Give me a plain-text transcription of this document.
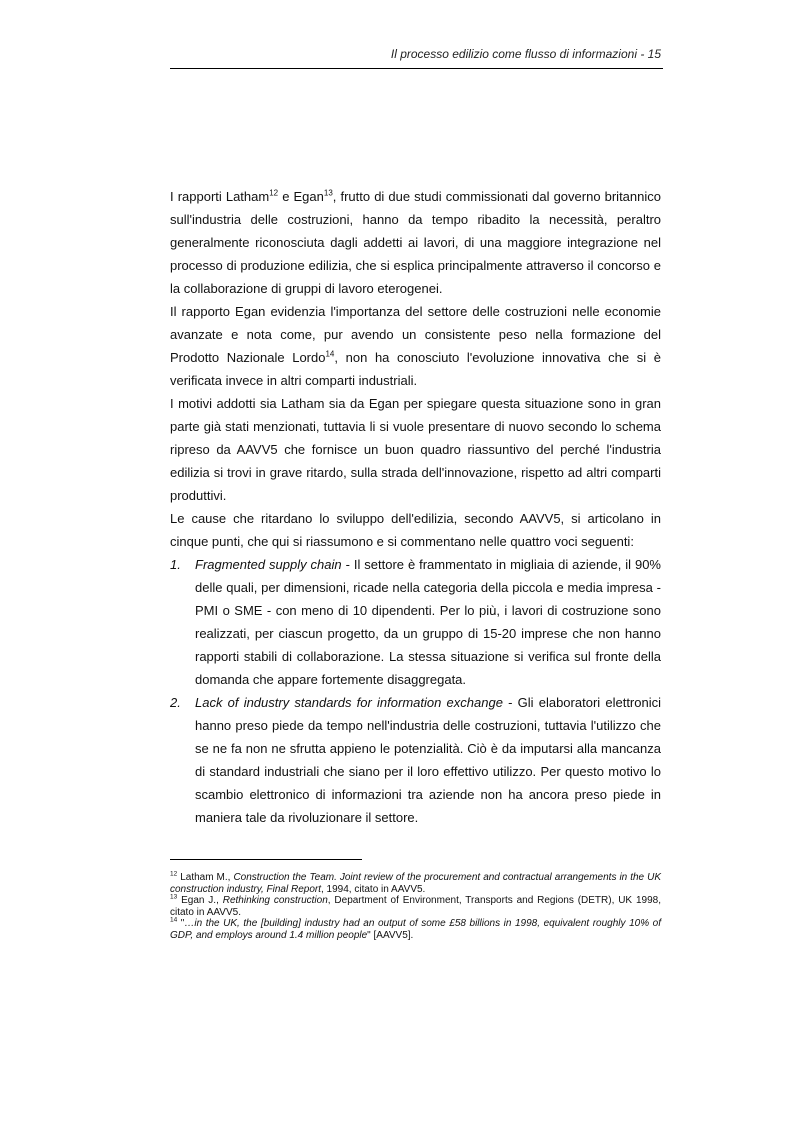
Il processo edilizio come flusso di informazioni - 15

I rapporti Latham$^{12}$ e Egan$^{13}$, frutto di due studi commissionati dal governo britannico sull'industria delle costruzioni, hanno da tempo ribadito la necessità, peraltro generalmente riconosciuta dagli addetti ai lavori, di una maggiore integrazione nel processo di produzione edilizia, che si esplica principalmente attraverso il concorso e la collaborazione di gruppi di lavoro eterogenei.

Il rapporto Egan evidenzia l'importanza del settore delle costruzioni nelle economie avanzate e nota come, pur avendo un consistente peso nella formazione del Prodotto Nazionale Lordo$^{14}$, non ha conosciuto l'evoluzione innovativa che si è verificata invece in altri comparti industriali.

I motivi addotti sia Latham sia da Egan per spiegare questa situazione sono in gran parte già stati menzionati, tuttavia li si vuole presentare di nuovo secondo lo schema ripreso da AAVV5 che fornisce un buon quadro riassuntivo del perché l'industria edilizia si trovi in grave ritardo, sulla strada dell'innovazione, rispetto ad altri comparti produttivi.

Le cause che ritardano lo sviluppo dell'edilizia, secondo AAVV5, si articolano in cinque punti, che qui si riassumono e si commentano nelle quattro voci seguenti:

1. Fragmented supply chain - Il settore è frammentato in migliaia di aziende, il 90% delle quali, per dimensioni, ricade nella categoria della piccola e media impresa - PMI o SME - con meno di 10 dipendenti. Per lo più, i lavori di costruzione sono realizzati, per ciascun progetto, da un gruppo di 15-20 imprese che non hanno rapporti stabili di collaborazione. La stessa situazione si verifica sul fronte della domanda che appare fortemente disaggregata.
2. Lack of industry standards for information exchange - Gli elaboratori elettronici hanno preso piede da tempo nell'industria delle costruzioni, tuttavia l'utilizzo che se ne fa non ne sfrutta appieno le potenzialità. Ciò è da imputarsi alla mancanza di standard industriali che siano per il loro effettivo utilizzo. Per questo motivo lo scambio elettronico di informazioni tra aziende non ha ancora preso piede in maniera tale da rivoluzionare il settore.

$^{12}$ Latham M., Construction the Team. Joint review of the procurement and contractual arrangements in the UK construction industry, Final Report, 1994, citato in AAVV5.

$^{13}$ Egan J., Rethinking construction, Department of Environment, Transports and Regions (DETR), UK 1998, citato in AAVV5.

$^{14}$ "…in the UK, the [building] industry had an output of some £58 billions in 1998, equivalent roughly 10% of GDP, and employs around 1.4 million people" [AAVV5].
